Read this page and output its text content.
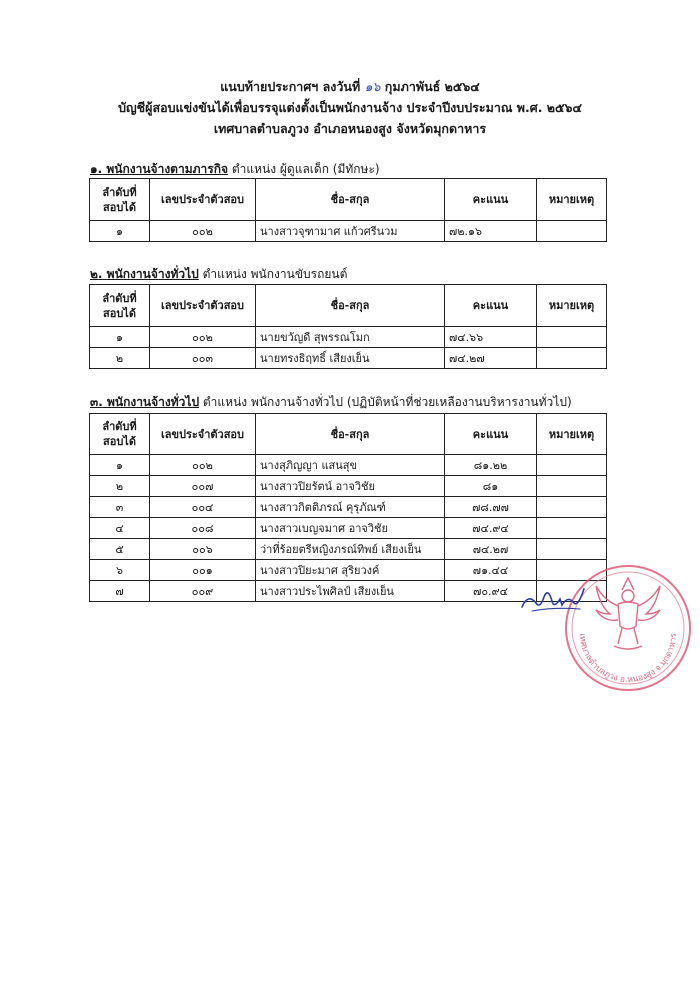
แนบท้ายประกาศฯ ลงวันที่ ๑๖ กุมภาพันธ์ ๒๕๖๔
บัญชีผู้สอบแข่งขันได้เพื่อบรรจุแต่งตั้งเป็นพนักงานจ้าง ประจำปีงบประมาณ พ.ศ. ๒๕๖๔
เทศบาลตำบลภูวง อำเภอหนองสูง จังหวัดมุกดาหาร
๑. พนักงานจ้างตามภารกิจ ตำแหน่ง ผู้ดูแลเด็ก (มีทักษะ)
ลำดับที่
สอบได้	เลขประจำตัวสอบ	ชื่อ-สกุล	คะแนน	หมายเหตุ
๑	๐๐๒	นางสาวจุฑามาศ แก้วศรีนวม	๗๒.๑๖	
๒. พนักงานจ้างทั่วไป ตำแหน่ง พนักงานขับรถยนต์
ลำดับที่
สอบได้	เลขประจำตัวสอบ	ชื่อ-สกุล	คะแนน	หมายเหตุ
๑	๐๐๒	นายขวัญดี สุพรรณโมก	๗๔.๖๖	
๒	๐๐๓	นายทรงธิฤทธิ์ เสียงเย็น	๗๔.๒๗	
๓. พนักงานจ้างทั่วไป ตำแหน่ง พนักงานจ้างทั่วไป (ปฏิบัติหน้าที่ช่วยเหลืองานบริหารงานทั่วไป)
ลำดับที่
สอบได้	เลขประจำตัวสอบ	ชื่อ-สกุล	คะแนน	หมายเหตุ
๑	๐๐๒	นางสุภิญญา แสนสุข	๘๑.๒๒	
๒	๐๐๗	นางสาวปิยรัตน์ อาจวิชัย	๘๑	
๓	๐๐๔	นางสาวกิตติภรณ์ คุรุภัณฑ์	๗๘.๗๗	
๔	๐๐๘	นางสาวเบญจมาศ อาจวิชัย	๗๔.๙๔	
๕	๐๐๖	ว่าที่ร้อยตรีหญิงภรณ์ทิพย์ เสียงเย็น	๗๔.๒๗	
๖	๐๐๑	นางสาวปิยะมาศ สุริยวงค์	๗๑.๔๔	
๗	๐๐๙	นางสาวประไพศิลป์ เสียงเย็น	๗๐.๙๔	
เทศบาลตำบลภูวง อ.หนองสูง จ.มุกดาหาร
